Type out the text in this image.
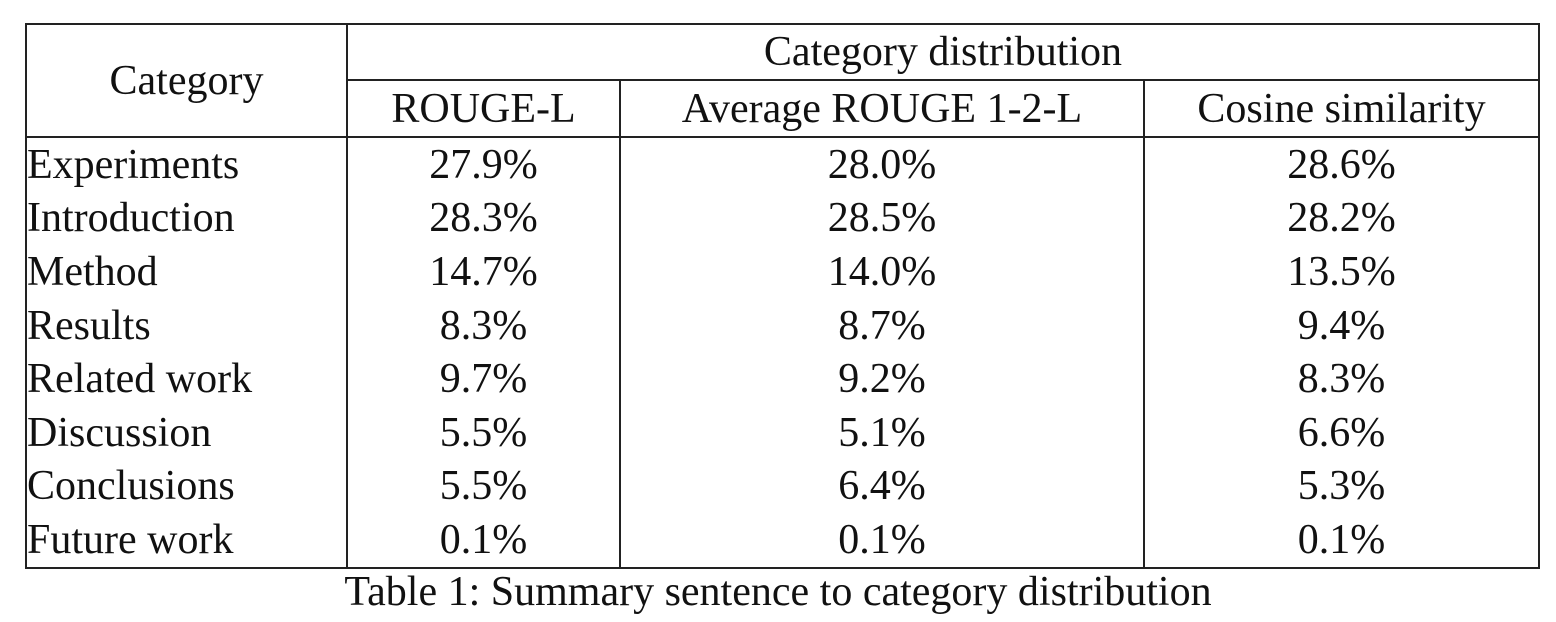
Category	Category distribution		
	ROUGE-L	Average ROUGE 1-2-L	Cosine similarity
Experiments	27.9%	28.0%	28.6%
Introduction	28.3%	28.5%	28.2%
Method	14.7%	14.0%	13.5%
Results	8.3%	8.7%	9.4%
Related work	9.7%	9.2%	8.3%
Discussion	5.5%	5.1%	6.6%
Conclusions	5.5%	6.4%	5.3%
Future work	0.1%	0.1%	0.1%
Table 1: Summary sentence to category distribution
